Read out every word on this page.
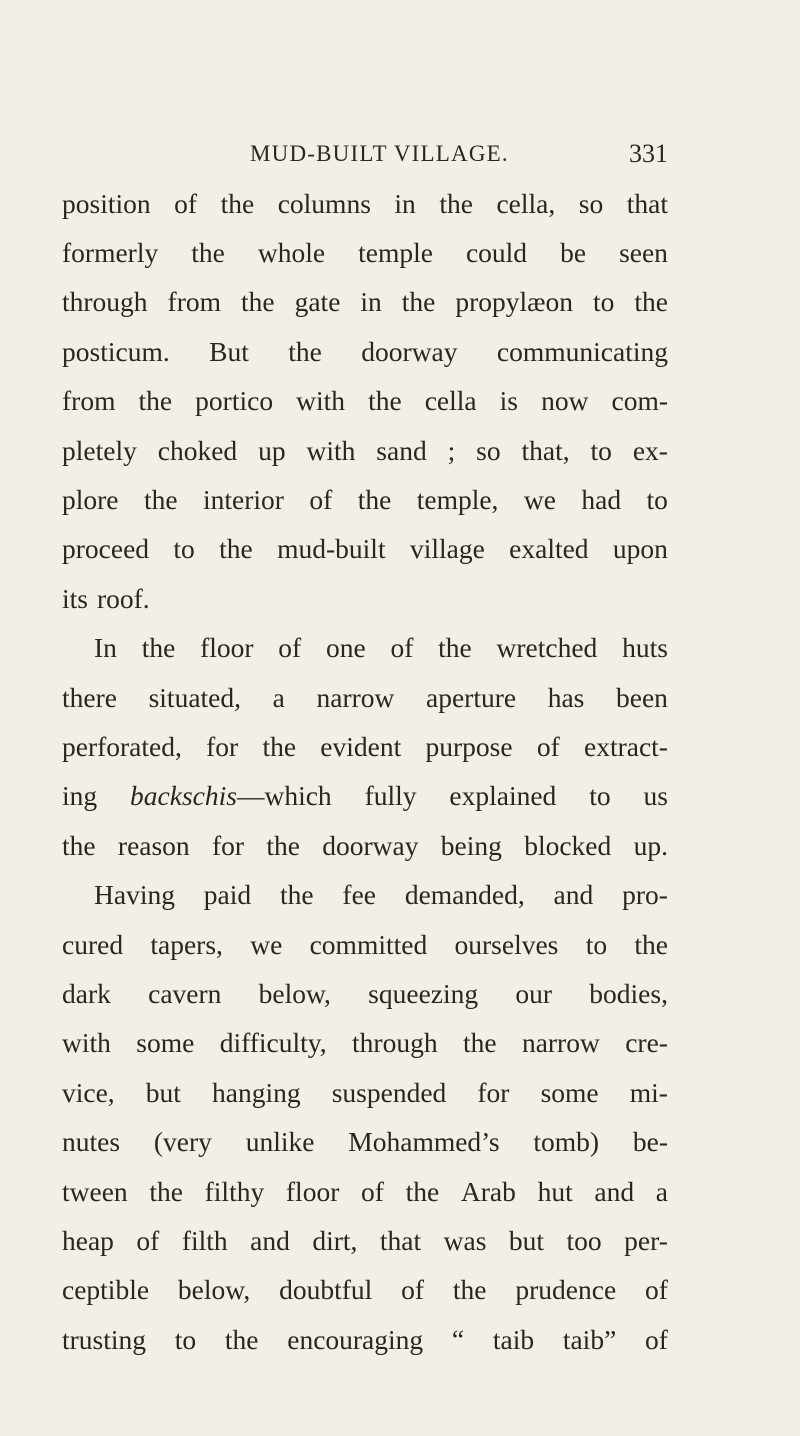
MUD-BUILT VILLAGE.	331
position of the columns in the cella, so that
formerly the whole temple could be seen
through from the gate in the propylæon to the
posticum. But the doorway communicating
from the portico with the cella is now com-
pletely choked up with sand ; so that, to ex-
plore the interior of the temple, we had to
proceed to the mud-built village exalted upon
its roof.
In the floor of one of the wretched huts
there situated, a narrow aperture has been
perforated, for the evident purpose of extract-
ing backschis—which fully explained to us
the reason for the doorway being blocked up.
Having paid the fee demanded, and pro-
cured tapers, we committed ourselves to the
dark cavern below, squeezing our bodies,
with some difficulty, through the narrow cre-
vice, but hanging suspended for some mi-
nutes (very unlike Mohammed’s tomb) be-
tween the filthy floor of the Arab hut and a
heap of filth and dirt, that was but too per-
ceptible below, doubtful of the prudence of
trusting to the encouraging “ taib taib” of
